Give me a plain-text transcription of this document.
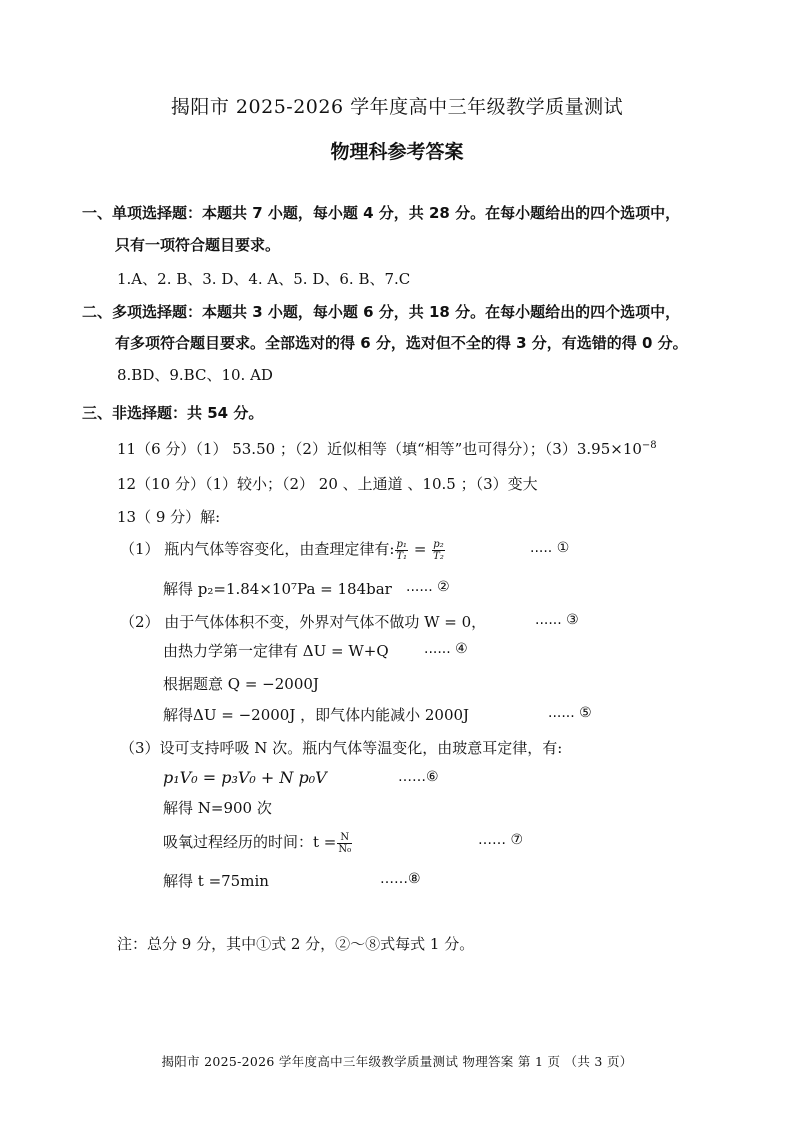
揭阳市 2025-2026 学年度高中三年级教学质量测试
物理科参考答案
一、单项选择题：本题共 7 小题，每小题 4 分，共 28 分。在每小题给出的四个选项中，
只有一项符合题目要求。
1.A、2. B、3. D、4. A、5. D、6. B、7.C
二、多项选择题：本题共 3 小题，每小题 6 分，共 18 分。在每小题给出的四个选项中，
有多项符合题目要求。全部选对的得 6 分，选对但不全的得 3 分，有选错的得 0 分。
8.BD、9.BC、10. AD
三、非选择题：共 54 分。
11（6 分）（1） 53.50 ；（2）近似相等（填“相等”也可得分）；$(3)3.95\times 10^{-8}$
12（10 分）（1）较小；（2） 20 、上通道 、10.5 ；（3）变大
13（ 9 分）解:
（1） 瓶内气体等容变化，由查理定律有: $\frac{\text{p₁}}{\text{T₁}} = \frac{\text{p₂}}{\text{T₂}}$	..... ①
解得 p₂=1.84×10⁷Pa = 184bar ...... ②
（2） 由于气体体积不变，外界对气体不做功 W = 0，	...... ③
由热力学第一定律有 ΔU = W+Q	...... ④
根据题意 Q = −2000J
解得ΔU = −2000J ，即气体内能减小 2000J	...... ⑤
（3）设可支持呼吸 N 次。瓶内气体等温变化，由玻意耳定律，有:
p₁V₀ = p₃V₀ + N p₀V	……⑥
解得 N=900 次
吸氧过程经历的时间：$t = \frac{N}{\text{N₀}}$	…… ⑦
解得 t =75min	……⑧
注：总分 9 分，其中①式 2 分，②～⑧式每式 1 分。
揭阳市 2025-2026 学年度高中三年级教学质量测试 物理答案 第 1 页 （共 3 页）
